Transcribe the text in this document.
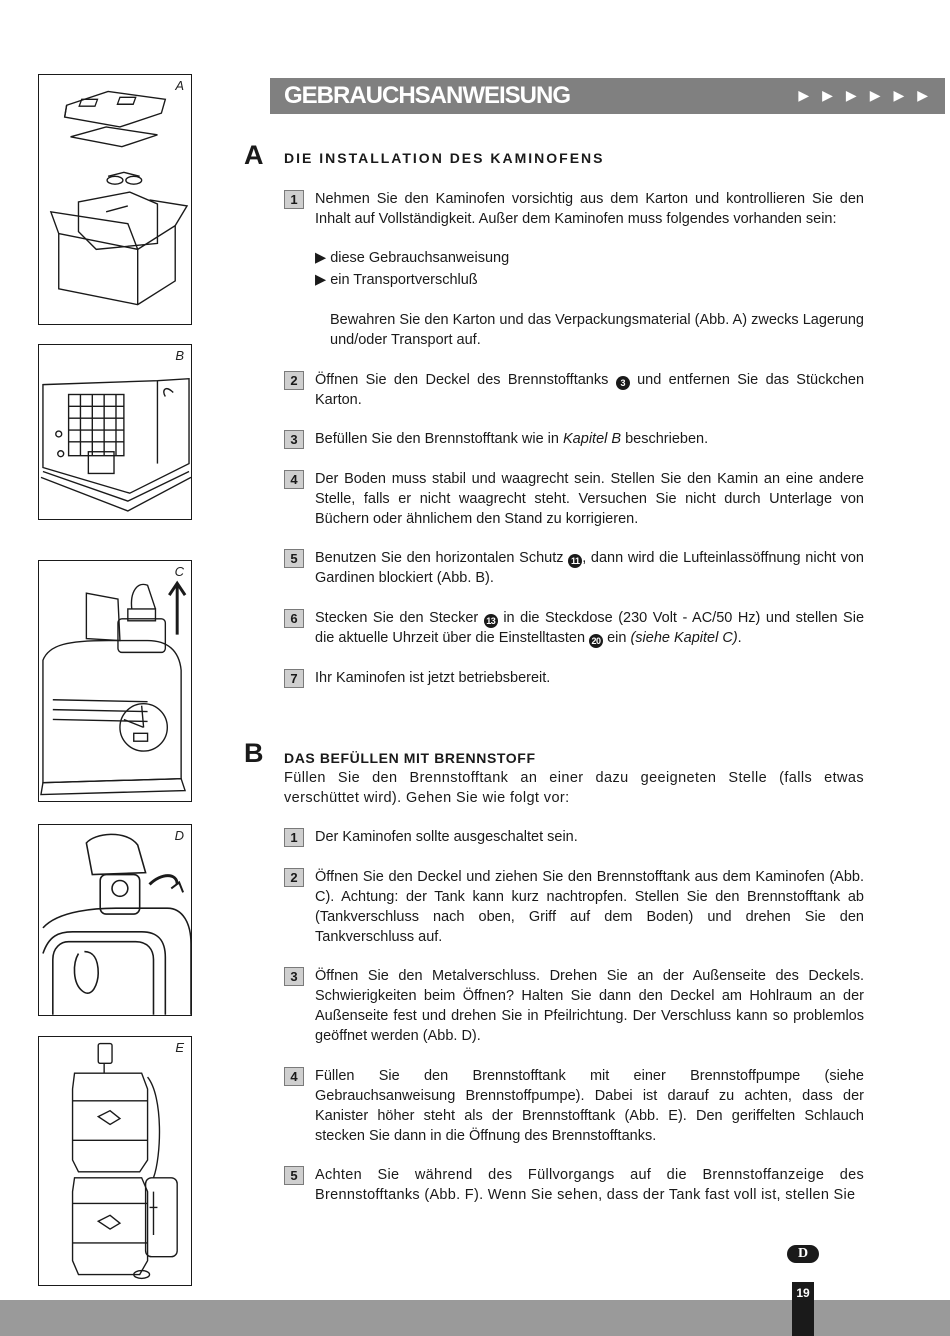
A
B
C
D
E
GEBRAUCHSANWEISUNG	▶▶▶▶▶▶
A DIE INSTALLATION DES KAMINOFENS
1	Nehmen Sie den Kaminofen vorsichtig aus dem Karton und kontrollieren Sie den Inhalt auf Vollständigkeit. Außer dem Kaminofen muss folgendes vorhanden sein:
▶ diese Gebrauchsanweisung
▶ ein Transportverschluß
Bewahren Sie den Karton und das Verpackungsmaterial (Abb. A) zwecks Lagerung und/oder Transport auf.
2	Öffnen Sie den Deckel des Brennstofftanks 3 und entfernen Sie das Stückchen Karton.
3	Befüllen Sie den Brennstofftank wie in Kapitel B beschrieben.
4	Der Boden muss stabil und waagrecht sein. Stellen Sie den Kamin an eine andere Stelle, falls er nicht waagrecht steht. Versuchen Sie nicht durch Unterlage von Büchern oder ähnlichem den Stand zu korrigieren.
5	Benutzen Sie den horizontalen Schutz 11 , dann wird die Lufteinlassöffnung nicht von Gardinen blockiert (Abb. B).
6	Stecken Sie den Stecker 13 in die Steckdose (230 Volt - AC/50 Hz) und stellen Sie die aktuelle Uhrzeit über die Einstelltasten 20 ein (siehe Kapitel C).
7	Ihr Kaminofen ist jetzt betriebsbereit.
B DAS BEFÜLLEN MIT BRENNSTOFF
Füllen Sie den Brennstofftank an einer dazu geeigneten Stelle (falls etwas verschüttet wird). Gehen Sie wie folgt vor:
1	Der Kaminofen sollte ausgeschaltet sein.
2	Öffnen Sie den Deckel und ziehen Sie den Brennstofftank aus dem Kaminofen (Abb. C). Achtung: der Tank kann kurz nachtropfen. Stellen Sie den Brennstofftank ab (Tankverschluss nach oben, Griff auf dem Boden) und drehen Sie den Tankverschluss auf.
3	Öffnen Sie den Metalverschluss. Drehen Sie an der Außenseite des Deckels. Schwierigkeiten beim Öffnen? Halten Sie dann den Deckel am Hohlraum an der Außenseite fest und drehen Sie in Pfeilrichtung. Der Verschluss kann so problemlos geöffnet werden (Abb. D).
4	Füllen Sie den Brennstofftank mit einer Brennstoffpumpe (siehe Gebrauchsanweisung Brennstoffpumpe). Dabei ist darauf zu achten, dass der Kanister höher steht als der Brennstofftank (Abb. E). Den geriffelten Schlauch stecken Sie dann in die Öffnung des Brennstofftanks.
5	Achten Sie während des Füllvorgangs auf die Brennstoffanzeige des Brennstofftanks (Abb. F). Wenn Sie sehen, dass der Tank fast voll ist, stellen Sie
D
19
